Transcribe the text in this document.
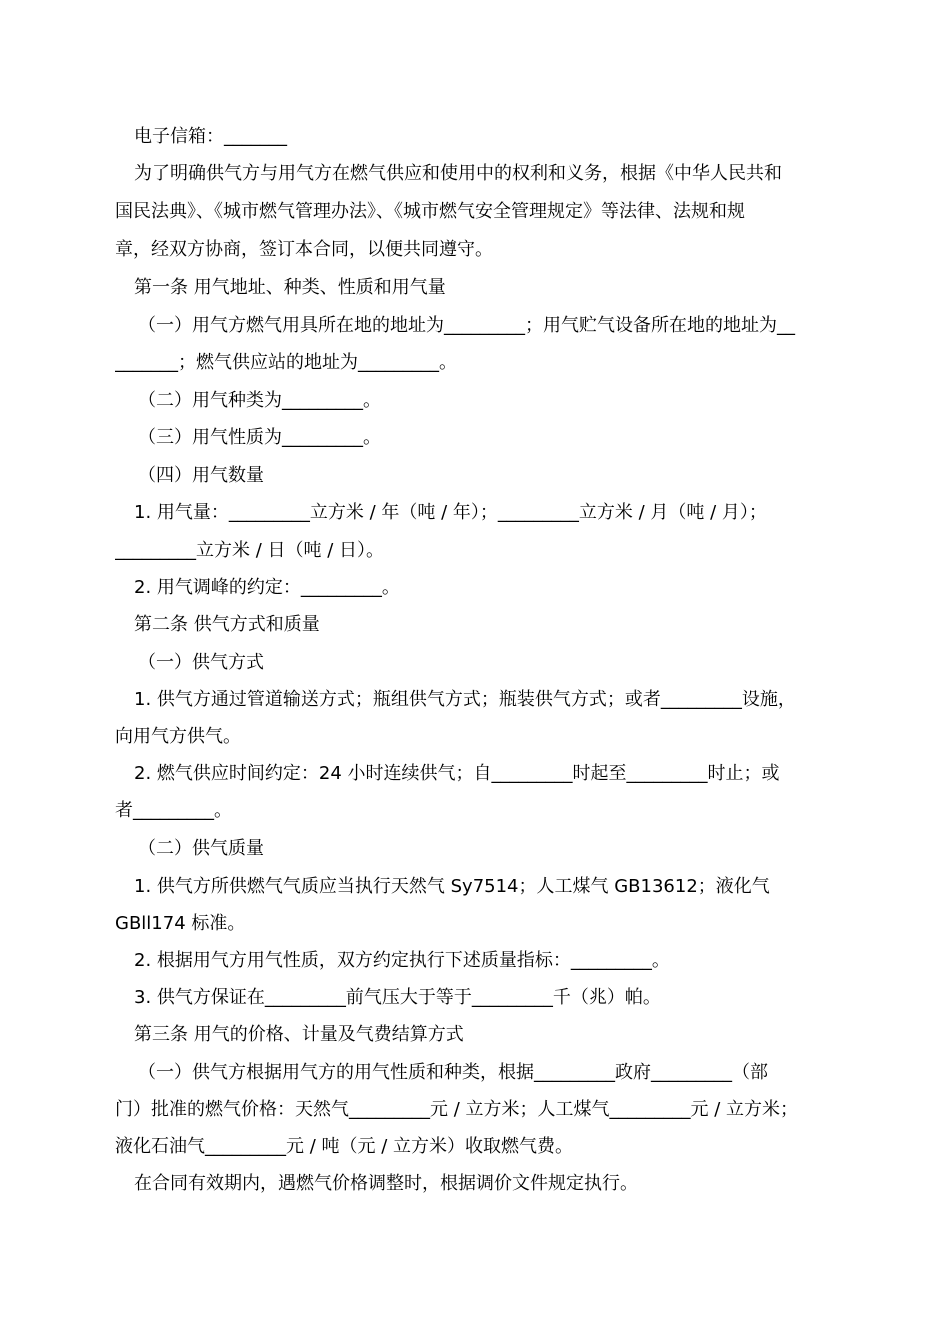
电子信箱：_______
为了明确供气方与用气方在燃气供应和使用中的权利和义务，根据《中华人民共和
国民法典》、《城市燃气管理办法》、《城市燃气安全管理规定》等法律、法规和规
章，经双方协商，签订本合同，以便共同遵守。
第一条 用气地址、种类、性质和用气量
（一）用气方燃气用具所在地的地址为_________；用气贮气设备所在地的地址为__
_______；燃气供应站的地址为_________。
（二）用气种类为_________。
（三）用气性质为_________。
（四）用气数量
1. 用气量：_________立方米 / 年（吨 / 年）；_________立方米 / 月（吨 / 月）；
_________立方米 / 日（吨 / 日）。
2. 用气调峰的约定：_________。
第二条 供气方式和质量
（一）供气方式
1. 供气方通过管道输送方式；瓶组供气方式；瓶装供气方式；或者_________设施，
向用气方供气。
2. 燃气供应时间约定：24 小时连续供气；自_________时起至_________时止；或
者_________。
（二）供气质量
1. 供气方所供燃气气质应当执行天然气 Sy7514；人工煤气 GB13612；液化气
GBll174 标准。
2. 根据用气方用气性质，双方约定执行下述质量指标：_________。
3. 供气方保证在_________前气压大于等于_________千（兆）帕。
第三条 用气的价格、计量及气费结算方式
（一）供气方根据用气方的用气性质和种类，根据_________政府_________（部
门）批准的燃气价格：天然气_________元 / 立方米；人工煤气_________元 / 立方米；
液化石油气_________元 / 吨（元 / 立方米）收取燃气费。
在合同有效期内，遇燃气价格调整时，根据调价文件规定执行。
